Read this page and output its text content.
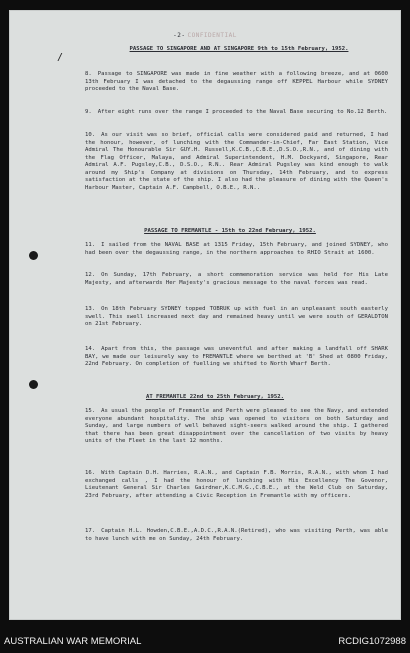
-2- CONFIDENTIAL
/
PASSAGE TO SINGAPORE AND AT SINGAPORE 9th to 15th February, 1952.
8. Passage to SINGAPORE was made in fine weather with a following breeze, and at 0600 13th February I was detached to the degaussing range off KEPPEL Harbour while SYDNEY proceeded to the Naval Base.
9. After eight runs over the range I proceeded to the Naval Base securing to No.12 Berth.
10. As our visit was so brief, official calls were considered paid and returned, I had the honour, however, of lunching with the Commander-in-Chief, Far East Station, Vice Admiral The Honourable Sir GUY.H. Russell,K.C.B.,C.B.E.,D.S.O.,R.N., and of dining with the Flag Officer, Malaya, and Admiral Superintendent, H.M. Dockyard, Singapore, Rear Admiral A.F. Pugsley,C.B., D.S.O., R.N.. Rear Admiral Pugsley was kind enough to walk around my Ship's Company at divisions on Thursday, 14th February, and to express satisfaction at the state of the ship. I also had the pleasure of dining with the Queen's Harbour Master, Captain A.F. Campbell, O.B.E., R.N..
PASSAGE TO FREMANTLE - 15th to 22nd February, 1952.
11. I sailed from the NAVAL BASE at 1315 Friday, 15th February, and joined SYDNEY, who had been over the degaussing range, in the northern approaches to RHIO Strait at 1600.
12. On Sunday, 17th February, a short commemoration service was held for His Late Majesty, and afterwards Her Majesty's gracious message to the naval forces was read.
13. On 18th February SYDNEY topped TOBRUK up with fuel in an unpleasant south easterly swell. This swell increased next day and remained heavy until we were south of GERALDTON on 21st February.
14. Apart from this, the passage was uneventful and after making a landfall off SHARK BAY, we made our leisurely way to FREMANTLE where we berthed at 'B' Shed at 0800 Friday, 22nd February. On completion of fuelling we shifted to North Wharf Berth.
AT FREMANTLE 22nd to 25th February, 1952.
15. As usual the people of Fremantle and Perth were pleased to see the Navy, and extended everyone abundant hospitality. The ship was opened to visitors on both Saturday and Sunday, and large numbers of well behaved sight-seers walked around the ship. I gathered that there has been great disappointment over the cancellation of two visits by heavy units of the Fleet in the last 12 months.
16. With Captain D.H. Harries, R.A.N., and Captain F.B. Morris, R.A.N., with whom I had exchanged calls , I had the honour of lunching with His Excellency The Govenor, Lieutenant General Sir Charles Gairdner,K.C.M.G.,C.B.E., at the Weld Club on Saturday, 23rd February, after attending a Civic Reception in Fremantle with my officers.
17. Captain H.L. Howden,C.B.E.,A.D.C.,R.A.N.(Retired), who was visiting Perth, was able to have lunch with me on Sunday, 24th February.
AUSTRALIAN WAR MEMORIAL	RCDIG1072988
